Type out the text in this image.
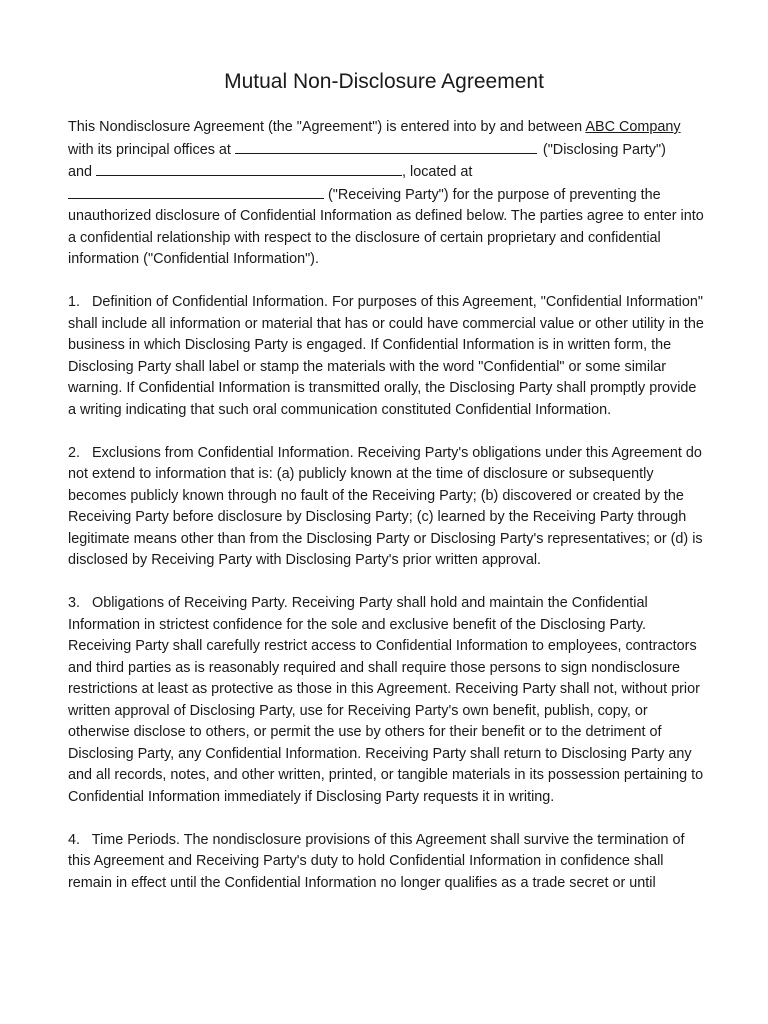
Mutual Non-Disclosure Agreement

This Nondisclosure Agreement (the "Agreement") is entered into by and between ABC Company
with its principal offices at	("Disclosing Party")
and	, located at
("Receiving Party") for the purpose of preventing the unauthorized disclosure of Confidential Information as defined below. The parties agree to enter into a confidential relationship with respect to the disclosure of certain proprietary and confidential information ("Confidential Information").

1. Definition of Confidential Information. For purposes of this Agreement, "Confidential Information" shall include all information or material that has or could have commercial value or other utility in the business in which Disclosing Party is engaged. If Confidential Information is in written form, the Disclosing Party shall label or stamp the materials with the word "Confidential" or some similar warning. If Confidential Information is transmitted orally, the Disclosing Party shall promptly provide a writing indicating that such oral communication constituted Confidential Information.

2. Exclusions from Confidential Information. Receiving Party's obligations under this Agreement do not extend to information that is: (a) publicly known at the time of disclosure or subsequently becomes publicly known through no fault of the Receiving Party; (b) discovered or created by the Receiving Party before disclosure by Disclosing Party; (c) learned by the Receiving Party through legitimate means other than from the Disclosing Party or Disclosing Party's representatives; or (d) is disclosed by Receiving Party with Disclosing Party's prior written approval.

3. Obligations of Receiving Party. Receiving Party shall hold and maintain the Confidential Information in strictest confidence for the sole and exclusive benefit of the Disclosing Party. Receiving Party shall carefully restrict access to Confidential Information to employees, contractors and third parties as is reasonably required and shall require those persons to sign nondisclosure restrictions at least as protective as those in this Agreement. Receiving Party shall not, without prior written approval of Disclosing Party, use for Receiving Party's own benefit, publish, copy, or otherwise disclose to others, or permit the use by others for their benefit or to the detriment of Disclosing Party, any Confidential Information. Receiving Party shall return to Disclosing Party any and all records, notes, and other written, printed, or tangible materials in its possession pertaining to Confidential Information immediately if Disclosing Party requests it in writing.

4. Time Periods. The nondisclosure provisions of this Agreement shall survive the termination of this Agreement and Receiving Party's duty to hold Confidential Information in confidence shall remain in effect until the Confidential Information no longer qualifies as a trade secret or until
